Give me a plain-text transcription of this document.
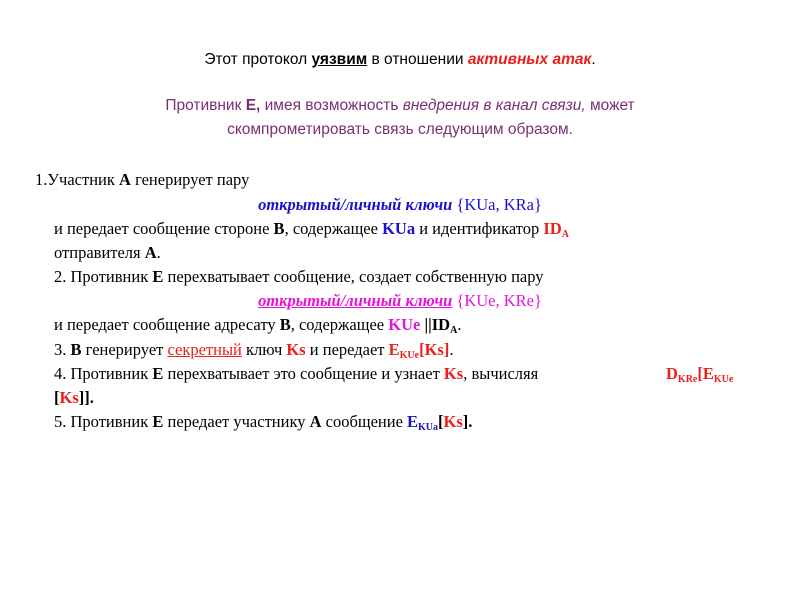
Этот протокол уязвим в отношении активных атак.
Противник E, имея возможность внедрения в канал связи, может
скомпрометировать связь следующим образом.
1.Участник A генерирует пару
открытый/личный ключи {KUa, KRa}
и передает сообщение стороне B, содержащее KUa и идентификатор $ID_A$
отправителя A.
2. Противник E перехватывает сообщение, создает собственную пару
открытый/личный ключи {KUe, KRe}
и передает сообщение адресату B, содержащее KUe $||ID_A$.
3. B генерирует секретный ключ Ks и передает $E_{KUe}[Ks]$.
4. Противник E перехватывает это сообщение и узнает Ks, вычисляя	$D_{KRe}[E_{KUe}$
[Ks]].
5. Противник E передает участнику A сообщение $E_{KUa}[Ks]$.
